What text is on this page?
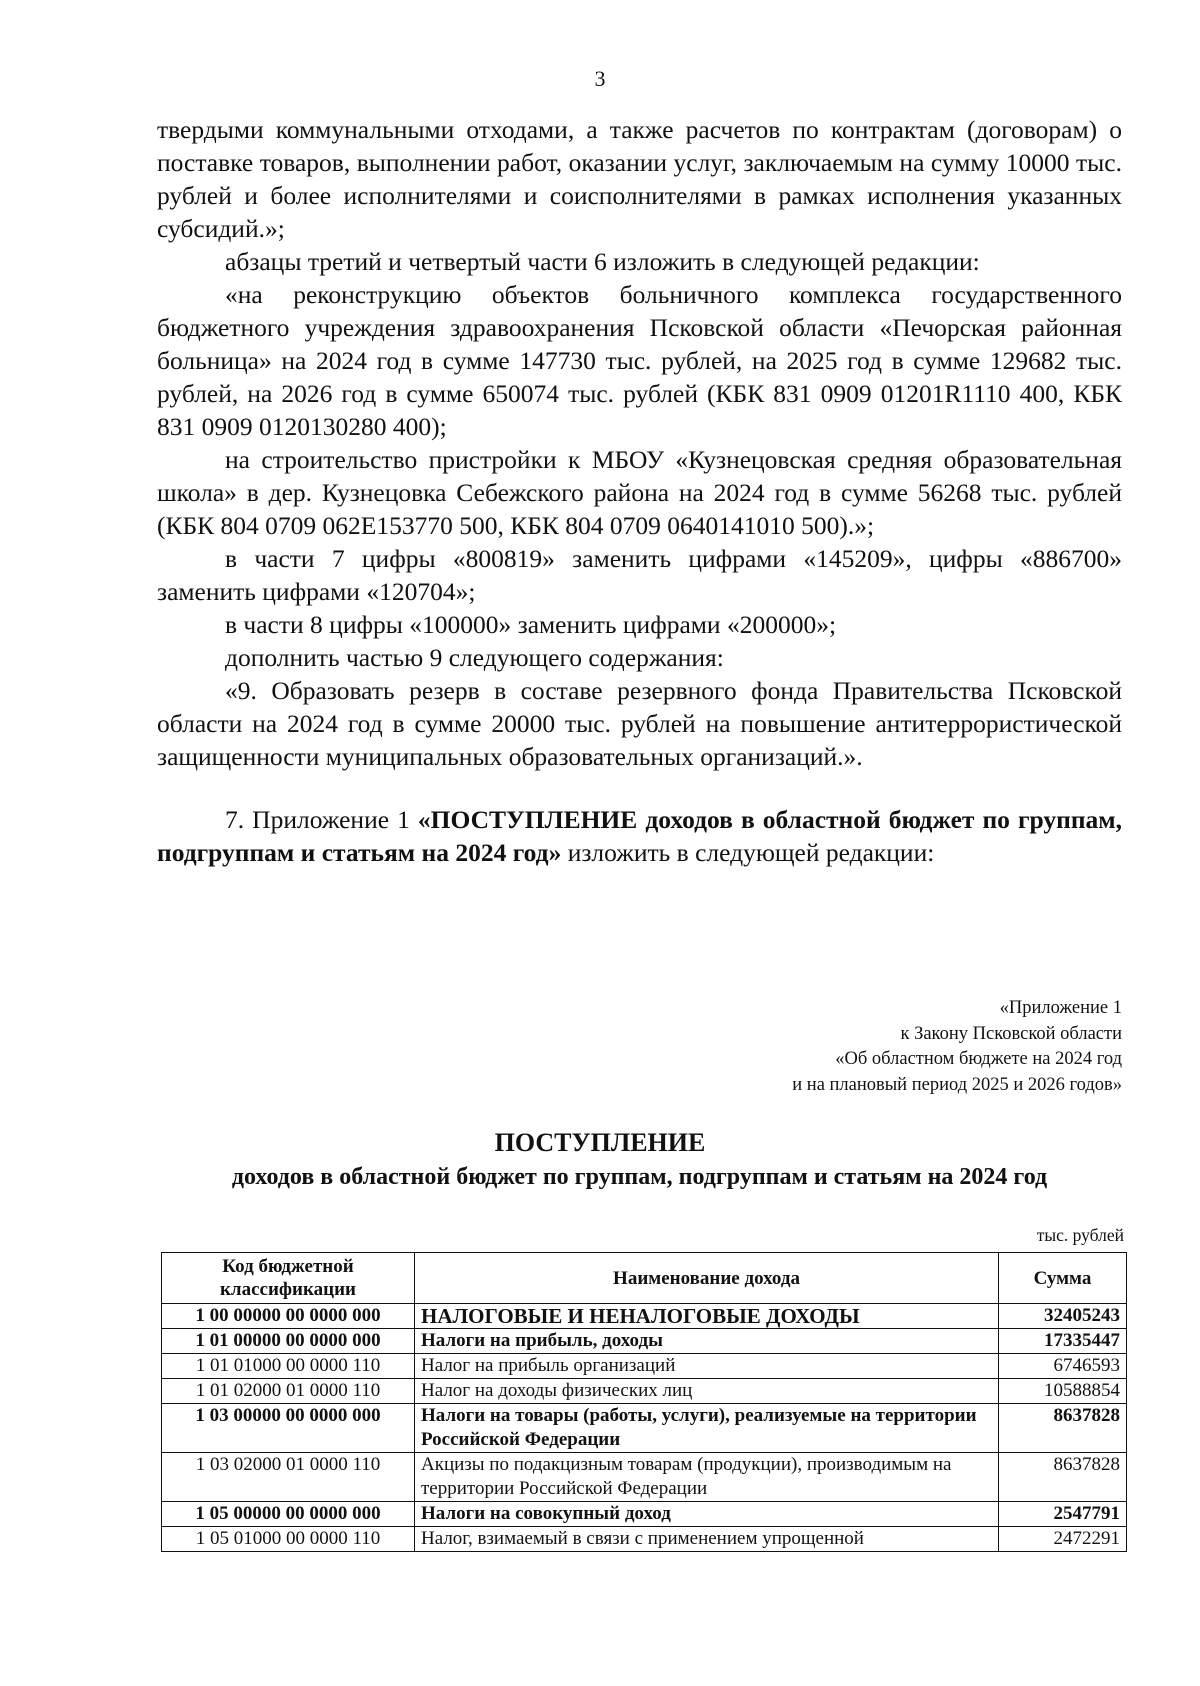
3

твердыми коммунальными отходами, а также расчетов по контрактам (договорам) о поставке товаров, выполнении работ, оказании услуг, заключаемым на сумму 10000 тыс. рублей и более исполнителями и соисполнителями в рамках исполнения указанных субсидий.»;

абзацы третий и четвертый части 6 изложить в следующей редакции:

«на реконструкцию объектов больничного комплекса государственного бюджетного учреждения здравоохранения Псковской области «Печорская районная больница» на 2024 год в сумме 147730 тыс. рублей, на 2025 год в сумме 129682 тыс. рублей, на 2026 год в сумме 650074 тыс. рублей (КБК 831 0909 01201R1110 400, КБК 831 0909 0120130280 400);

на строительство пристройки к МБОУ «Кузнецовская средняя образовательная школа» в дер. Кузнецовка Себежского района на 2024 год в сумме 56268 тыс. рублей (КБК 804 0709 062E153770 500, КБК 804 0709 0640141010 500).»;

в части 7 цифры «800819» заменить цифрами «145209», цифры «886700» заменить цифрами «120704»;

в части 8 цифры «100000» заменить цифрами «200000»;

дополнить частью 9 следующего содержания:

«9. Образовать резерв в составе резервного фонда Правительства Псковской области на 2024 год в сумме 20000 тыс. рублей на повышение антитеррористической защищенности муниципальных образовательных организаций.».

7. Приложение 1 «ПОСТУПЛЕНИЕ доходов в областной бюджет по группам, подгруппам и статьям на 2024 год» изложить в следующей редакции:

«Приложение 1
к Закону Псковской области
«Об областном бюджете на 2024 год
и на плановый период 2025 и 2026 годов»
ПОСТУПЛЕНИЕ
доходов в областной бюджет по группам, подгруппам и статьям на 2024 год
тыс. рублей
Код бюджетной классификации	Наименование дохода	Сумма
1 00 00000 00 0000 000	НАЛОГОВЫЕ И НЕНАЛОГОВЫЕ ДОХОДЫ	32405243
1 01 00000 00 0000 000	Налоги на прибыль, доходы	17335447
1 01 01000 00 0000 110	Налог на прибыль организаций	6746593
1 01 02000 01 0000 110	Налог на доходы физических лиц	10588854
1 03 00000 00 0000 000	Налоги на товары (работы, услуги), реализуемые на территории Российской Федерации	8637828
1 03 02000 01 0000 110	Акцизы по подакцизным товарам (продукции), производимым на территории Российской Федерации	8637828
1 05 00000 00 0000 000	Налоги на совокупный доход	2547791
1 05 01000 00 0000 110	Налог, взимаемый в связи с применением упрощенной	2472291
